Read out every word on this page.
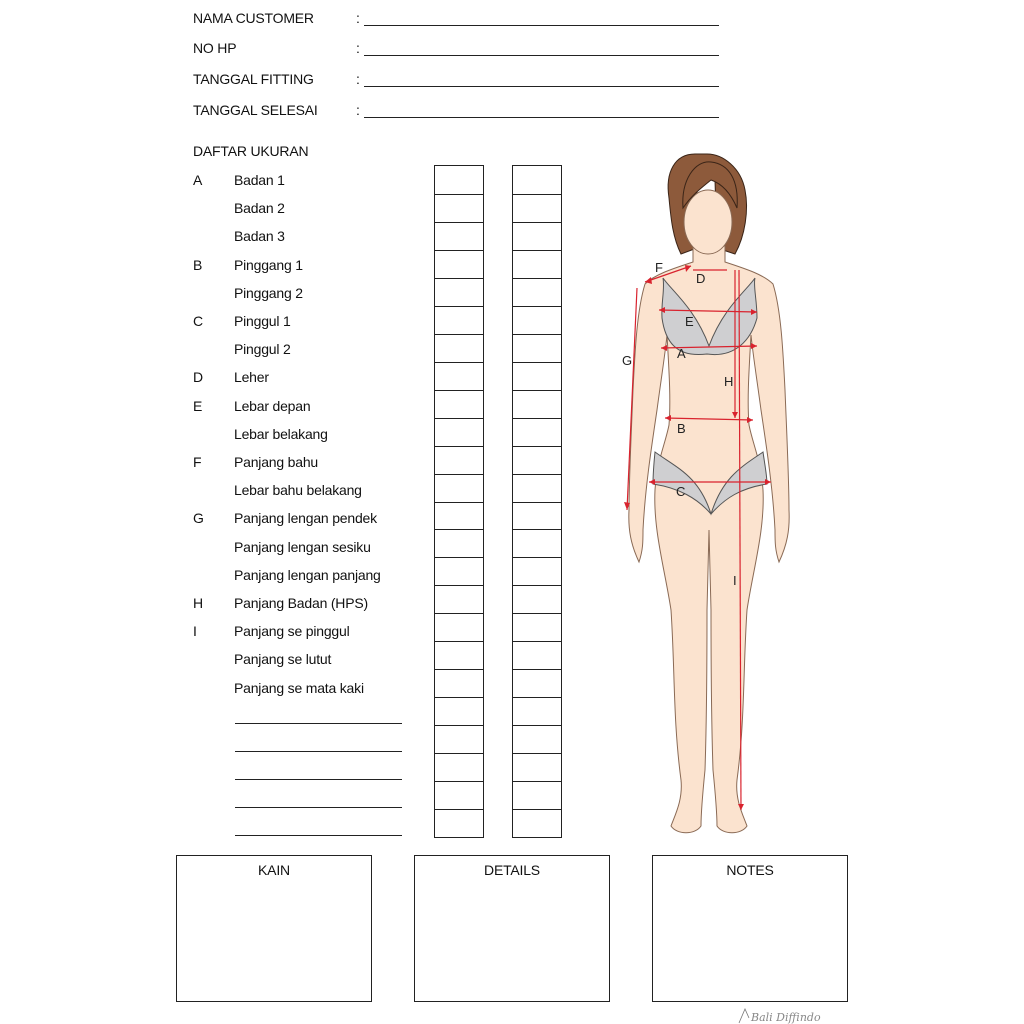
NAMA CUSTOMER	:
NO HP	:
TANGGAL FITTING	:
TANGGAL SELESAI	:
DAFTAR UKURAN
A	Badan 1
Badan 2
Badan 3
B	Pinggang 1
Pinggang 2
C	Pinggul 1
Pinggul 2
D	Leher
E	Lebar depan
Lebar belakang
F	Panjang bahu
Lebar bahu belakang
G	Panjang lengan pendek
Panjang lengan sesiku
Panjang lengan panjang
H	Panjang Badan (HPS)
I	Panjang se pinggul
Panjang se lutut
Panjang se mata kaki
F
D
E
A
G
H
B
C
I
KAIN	DETAILS	NOTES
Bali Diffindo
